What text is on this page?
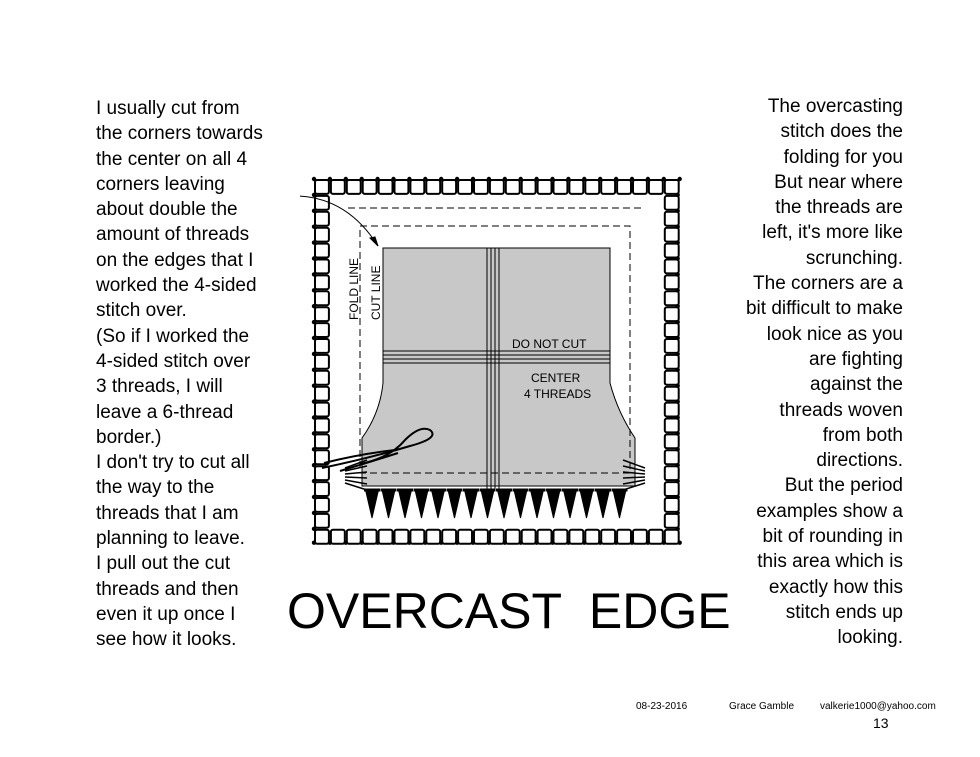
I usually cut from
the corners towards
the center on all 4
corners leaving
about double the
amount of threads
on the edges that I
worked the 4-sided
stitch over.
(So if I worked the
4-sided stitch over
3 threads, I will
leave a 6-thread
border.)
I don't try to cut all
the way to the
threads that I am
planning to leave.
I pull out the cut
threads and then
even it up once I
see how it looks.
The overcasting
stitch does the
folding for you
But near where
the threads are
left, it's more like
scrunching.
The corners are a
bit difficult to make
look nice as you
are fighting
against the
threads woven
from both
directions.
But the period
examples show a
bit of rounding in
this area which is
exactly how this
stitch ends up
looking.
DO NOT CUT
CENTER
4 THREADS
FOLD LINE CUT LINE
OVERCAST  EDGE
08-23-2016	Grace Gamble	valkerie1000@yahoo.com
13
